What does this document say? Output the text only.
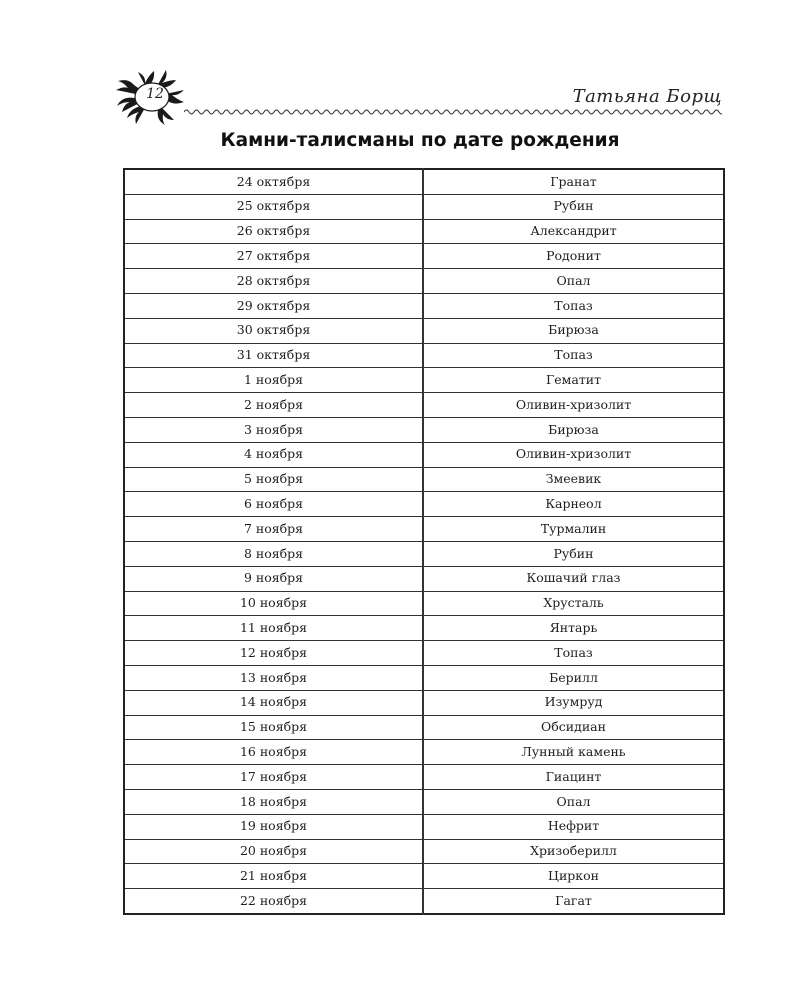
12	Татьяна Борщ
Камни-талисманы по дате рождения
24 октября	Гранат
25 октября	Рубин
26 октября	Александрит
27 октября	Родонит
28 октября	Опал
29 октября	Топаз
30 октября	Бирюза
31 октября	Топаз
1 ноября	Гематит
2 ноября	Оливин-хризолит
3 ноября	Бирюза
4 ноября	Оливин-хризолит
5 ноября	Змеевик
6 ноября	Карнеол
7 ноября	Турмалин
8 ноября	Рубин
9 ноября	Кошачий глаз
10 ноября	Хрусталь
11 ноября	Янтарь
12 ноября	Топаз
13 ноября	Берилл
14 ноября	Изумруд
15 ноября	Обсидиан
16 ноября	Лунный камень
17 ноября	Гиацинт
18 ноября	Опал
19 ноября	Нефрит
20 ноября	Хризоберилл
21 ноября	Циркон
22 ноября	Гагат
